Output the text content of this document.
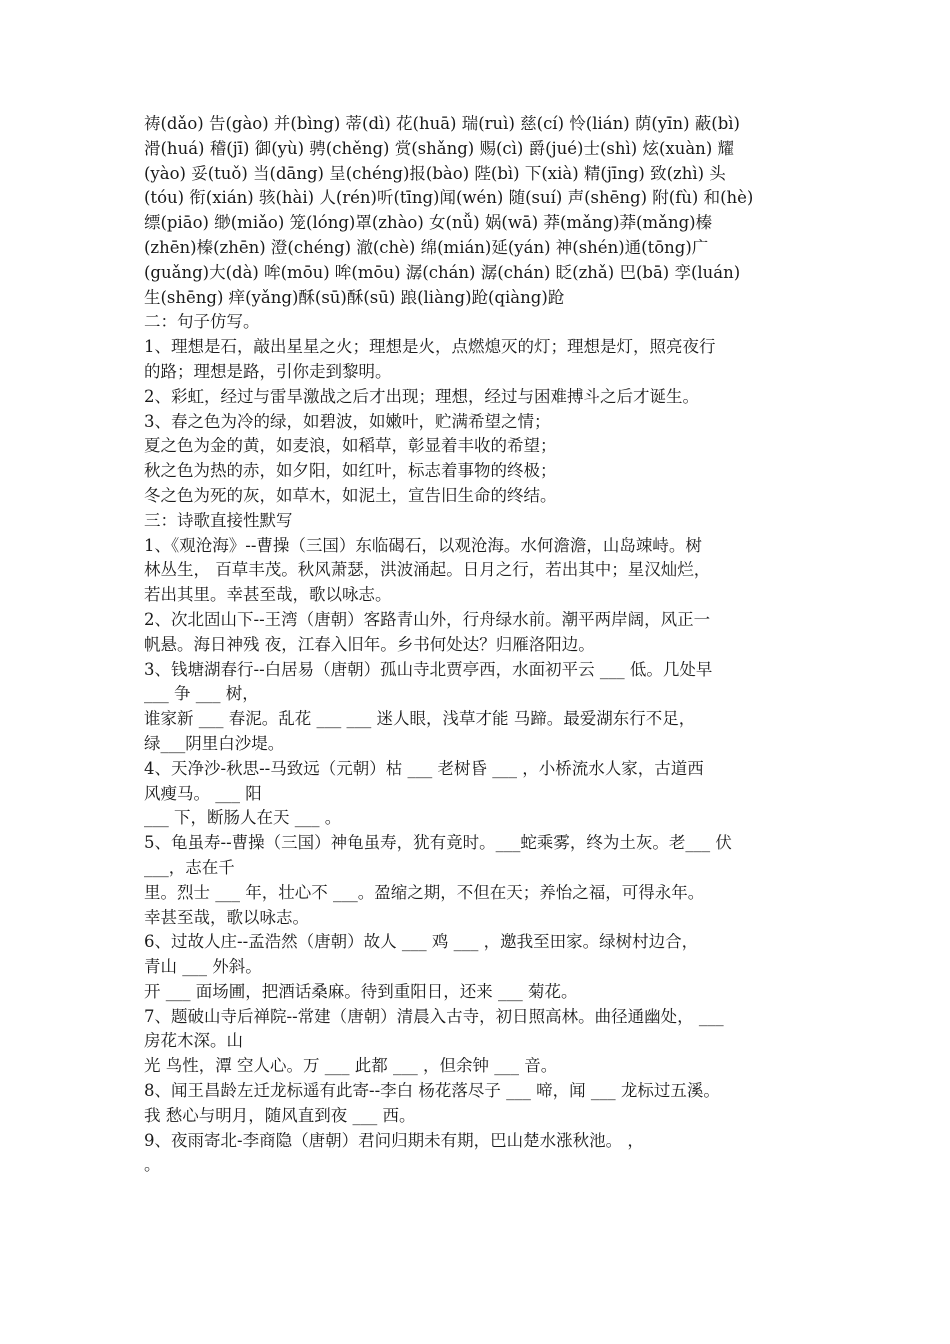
祷(dǎo) 告(gào) 并(bìng) 蒂(dì) 花(huā) 瑞(ruì) 慈(cí) 怜(lián) 荫(yīn) 蔽(bì)
滑(huá) 稽(jī) 御(yù) 骋(chěng) 赏(shǎng) 赐(cì) 爵(jué)士(shì) 炫(xuàn) 耀
(yào) 妥(tuǒ) 当(dāng) 呈(chéng)报(bào) 陛(bì) 下(xià) 精(jīng) 致(zhì) 头
(tóu) 衔(xián) 骇(hài) 人(rén)听(tīng)闻(wén) 随(suí) 声(shēng) 附(fù) 和(hè)
缥(piāo) 缈(miǎo) 笼(lóng)罩(zhào) 女(nǚ) 娲(wā) 莽(mǎng)莽(mǎng)榛
(zhēn)榛(zhēn) 澄(chéng) 澈(chè) 绵(mián)延(yán) 神(shén)通(tōng)广
(guǎng)大(dà) 哞(mōu) 哞(mōu) 潺(chán) 潺(chán) 眨(zhǎ) 巴(bā) 孪(luán)
生(shēng) 痒(yǎng)酥(sū)酥(sū) 踉(liàng)跄(qiàng)跄
二：句子仿写。
1、理想是石，敲出星星之火；理想是火，点燃熄灭的灯；理想是灯，照亮夜行
的路；理想是路，引你走到黎明。
2、彩虹，经过与雷旱激战之后才出现；理想，经过与困难搏斗之后才诞生。
3、春之色为冷的绿，如碧波，如嫩叶，贮满希望之情；
夏之色为金的黄，如麦浪，如稻草，彰显着丰收的希望；
秋之色为热的赤，如夕阳，如红叶，标志着事物的终极；
冬之色为死的灰，如草木，如泥土，宣告旧生命的终结。
三：诗歌直接性默写
1、《观沧海》--曹操（三国）东临碣石，以观沧海。水何澹澹，山岛竦峙。树
林丛生， 百草丰茂。秋风萧瑟，洪波涌起。日月之行，若出其中；星汉灿烂，
若出其里。幸甚至哉，歌以咏志。
2、次北固山下--王湾（唐朝）客路青山外，行舟绿水前。潮平两岸阔，风正一
帆悬。海日神残 夜，江春入旧年。乡书何处达？归雁洛阳边。
3、钱塘湖春行--白居易（唐朝）孤山寺北贾亭西，水面初平云 ___ 低。几处早
___ 争 ___ 树，
谁家新 ___ 春泥。乱花 ___ ___ 迷人眼，浅草才能 马蹄。最爱湖东行不足，
绿___阴里白沙堤。
4、天净沙-秋思--马致远（元朝）枯 ___ 老树昏 ___ ，小桥流水人家，古道西
风瘦马。 ___ 阳
___ 下，断肠人在天 ___ 。
5、龟虽寿--曹操（三国）神龟虽寿，犹有竟时。___蛇乘雾，终为土灰。老___ 伏
___，志在千
里。烈士 ___ 年，壮心不 ___。盈缩之期，不但在天；养怡之福，可得永年。
幸甚至哉，歌以咏志。
6、过故人庄--孟浩然（唐朝）故人 ___ 鸡 ___ ，邀我至田家。绿树村边合，
青山 ___ 外斜。
开 ___ 面场圃，把酒话桑麻。待到重阳日，还来 ___ 菊花。
7、题破山寺后禅院--常建（唐朝）清晨入古寺，初日照高林。曲径通幽处， ___
房花木深。山
光 鸟性，潭 空人心。万 ___ 此都 ___ ，但余钟 ___ 音。
8、闻王昌龄左迁龙标遥有此寄--李白 杨花落尽子 ___ 啼，闻 ___ 龙标过五溪。
我 愁心与明月，随风直到夜 ___ 西。
9、夜雨寄北-李商隐（唐朝）君问归期未有期，巴山楚水涨秋池。 ，
。
